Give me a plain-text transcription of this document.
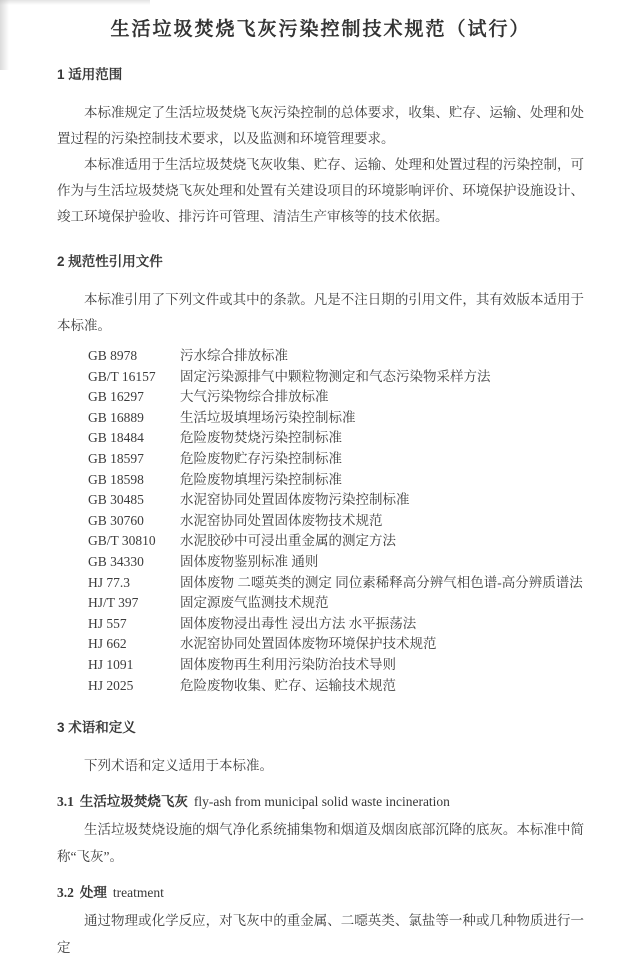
生活垃圾焚烧飞灰污染控制技术规范（试行）
1 适用范围

本标准规定了生活垃圾焚烧飞灰污染控制的总体要求，收集、贮存、运输、处理和处置过程的污染控制技术要求，以及监测和环境管理要求。

本标准适用于生活垃圾焚烧飞灰收集、贮存、运输、处理和处置过程的污染控制，可作为与生活垃圾焚烧飞灰处理和处置有关建设项目的环境影响评价、环境保护设施设计、竣工环境保护验收、排污许可管理、清洁生产审核等的技术依据。

2 规范性引用文件

本标准引用了下列文件或其中的条款。凡是不注日期的引用文件，其有效版本适用于本标准。

GB 8978	污水综合排放标准
GB/T 16157 固定污染源排气中颗粒物测定和气态污染物采样方法
GB 16297	大气污染物综合排放标准
GB 16889	生活垃圾填埋场污染控制标准
GB 18484	危险废物焚烧污染控制标准
GB 18597	危险废物贮存污染控制标准
GB 18598	危险废物填埋污染控制标准
GB 30485	水泥窑协同处置固体废物污染控制标准
GB 30760	水泥窑协同处置固体废物技术规范
GB/T 30810 水泥胶砂中可浸出重金属的测定方法
GB 34330	固体废物鉴别标准 通则
HJ 77.3	固体废物 二噁英类的测定 同位素稀释高分辨气相色谱-高分辨质谱法
HJ/T 397	固定源废气监测技术规范
HJ 557	固体废物浸出毒性 浸出方法 水平振荡法
HJ 662	水泥窑协同处置固体废物环境保护技术规范
HJ 1091	固体废物再生利用污染防治技术导则
HJ 2025	危险废物收集、贮存、运输技术规范
3 术语和定义

下列术语和定义适用于本标准。

3.1 生活垃圾焚烧飞灰 fly-ash from municipal solid waste incineration

生活垃圾焚烧设施的烟气净化系统捕集物和烟道及烟囱底部沉降的底灰。本标准中简称“飞灰”。

3.2 处理 treatment

通过物理或化学反应，对飞灰中的重金属、二噁英类、氯盐等一种或几种物质进行一定
